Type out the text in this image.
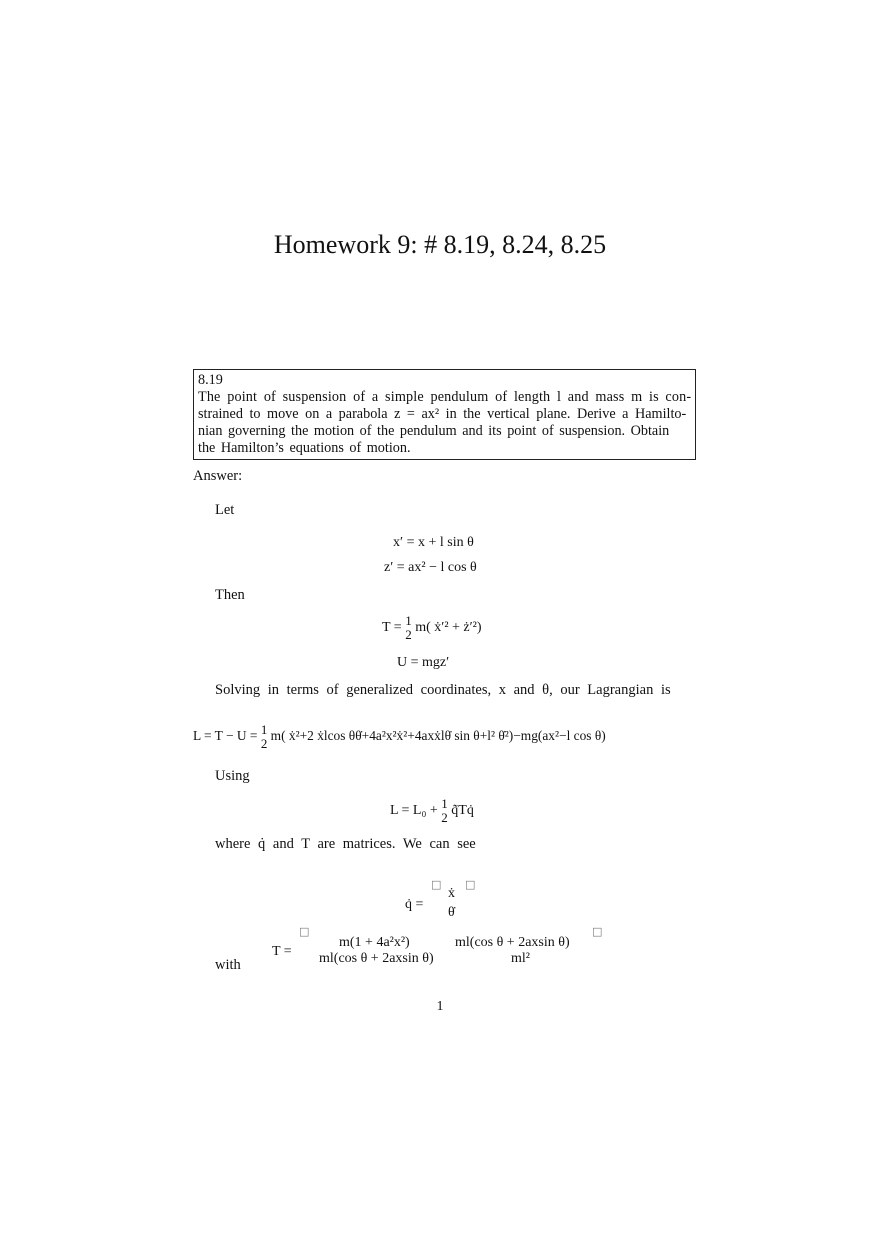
Homework 9: # 8.19, 8.24, 8.25
8.19
The point of suspension of a simple pendulum of length l and mass m is con-
strained to move on a parabola z = ax² in the vertical plane. Derive a Hamilto-
nian governing the motion of the pendulum and its point of suspension. Obtain
the Hamilton’s equations of motion.
Answer:
Let
x′ = x + l sin θ
z′ = ax² − l cos θ
Then
T = 1
2 m( ẋ′² + ż′²)
U = mgz′
Solving in terms of generalized coordinates, x and θ, our Lagrangian is
L = T − U = 1
2
m( ẋ²+2 ẋlcos θθ̇+4a²x²ẋ²+4axẋlθ̇ sin θ+l² θ̇²)−mg(ax²−l cos θ)
Using
L = L₀ + 1
2 q̃̇Tq̇
where q̇ and T are matrices. We can see
□ □
q̇ =
ẋ
θ̇
□	□
T =
m(1 + 4a²x²)	ml(cos θ + 2axsin θ)
ml(cos θ + 2axsin θ)	ml²
with
1
